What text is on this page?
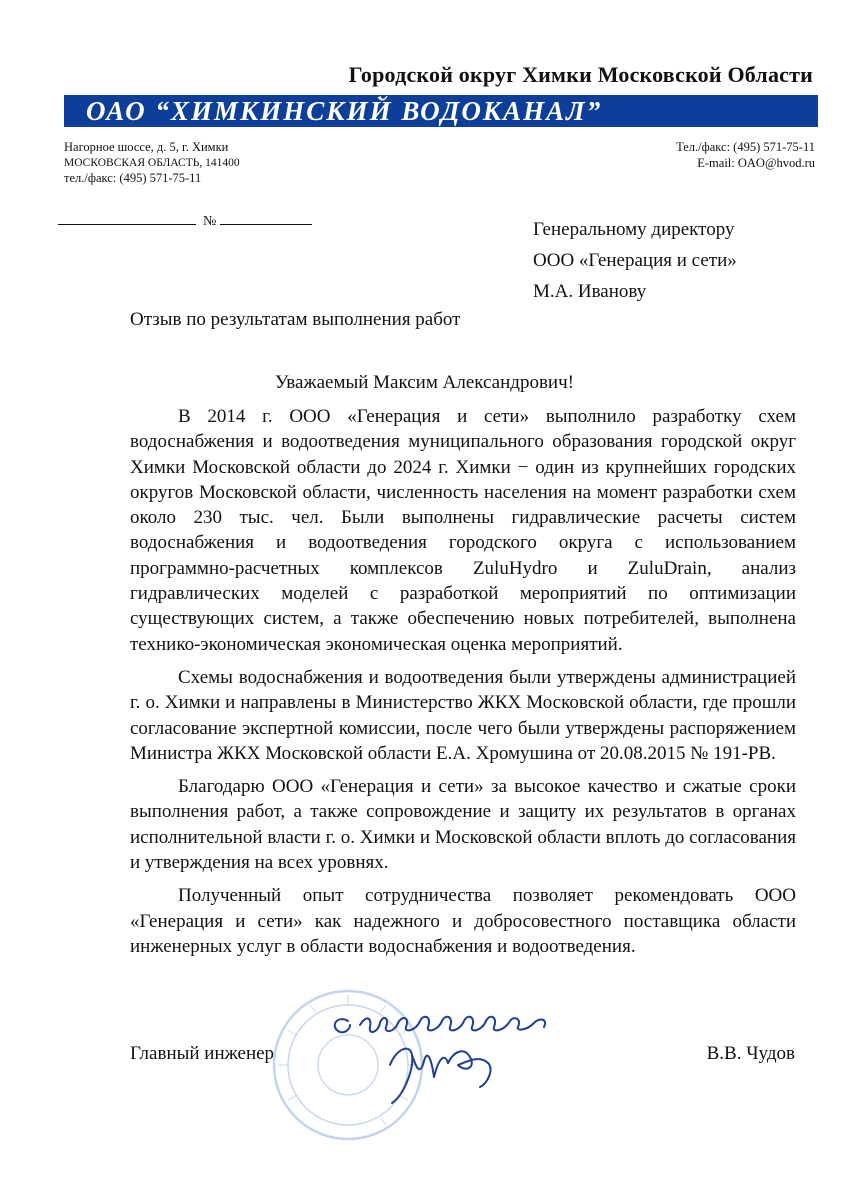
Городской округ Химки Московской Области
ОАО “ХИМКИНСКИЙ ВОДОКАНАЛ”
Нагорное шоссе, д. 5, г. Химки
МОСКОВСКАЯ ОБЛАСТЬ, 141400
тел./факс: (495) 571-75-11
Тел./факс: (495) 571-75-11
E-mail: OAO@hvod.ru
№	Генеральному директору
ООО «Генерация и сети»
М.А. Иванову
Отзыв по результатам выполнения работ
Уважаемый Максим Александрович!

В 2014 г. ООО «Генерация и сети» выполнило разработку схем водоснабжения и водоотведения муниципального образования городской округ Химки Московской области до 2024 г. Химки − один из крупнейших городских округов Московской области, численность населения на момент разработки схем около 230 тыс. чел. Были выполнены гидравлические расчеты систем водоснабжения и водоотведения городского округа с использованием программно-расчетных комплексов ZuluHydro и ZuluDrain, анализ гидравлических моделей с разработкой мероприятий по оптимизации существующих систем, а также обеспечению новых потребителей, выполнена технико-экономическая экономическая оценка мероприятий.

Схемы водоснабжения и водоотведения были утверждены администрацией г. о. Химки и направлены в Министерство ЖКХ Московской области, где прошли согласование экспертной комиссии, после чего были утверждены распоряжением Министра ЖКХ Московской области Е.А. Хромушина от 20.08.2015 № 191-РВ.

Благодарю ООО «Генерация и сети» за высокое качество и сжатые сроки выполнения работ, а также сопровождение и защиту их результатов в органах исполнительной власти г. о. Химки и Московской области вплоть до согласования и утверждения на всех уровнях.

Полученный опыт сотрудничества позволяет рекомендовать ООО «Генерация и сети» как надежного и добросовестного поставщика области инженерных услуг в области водоснабжения и водоотведения.

Главный инженер	В.В. Чудов
